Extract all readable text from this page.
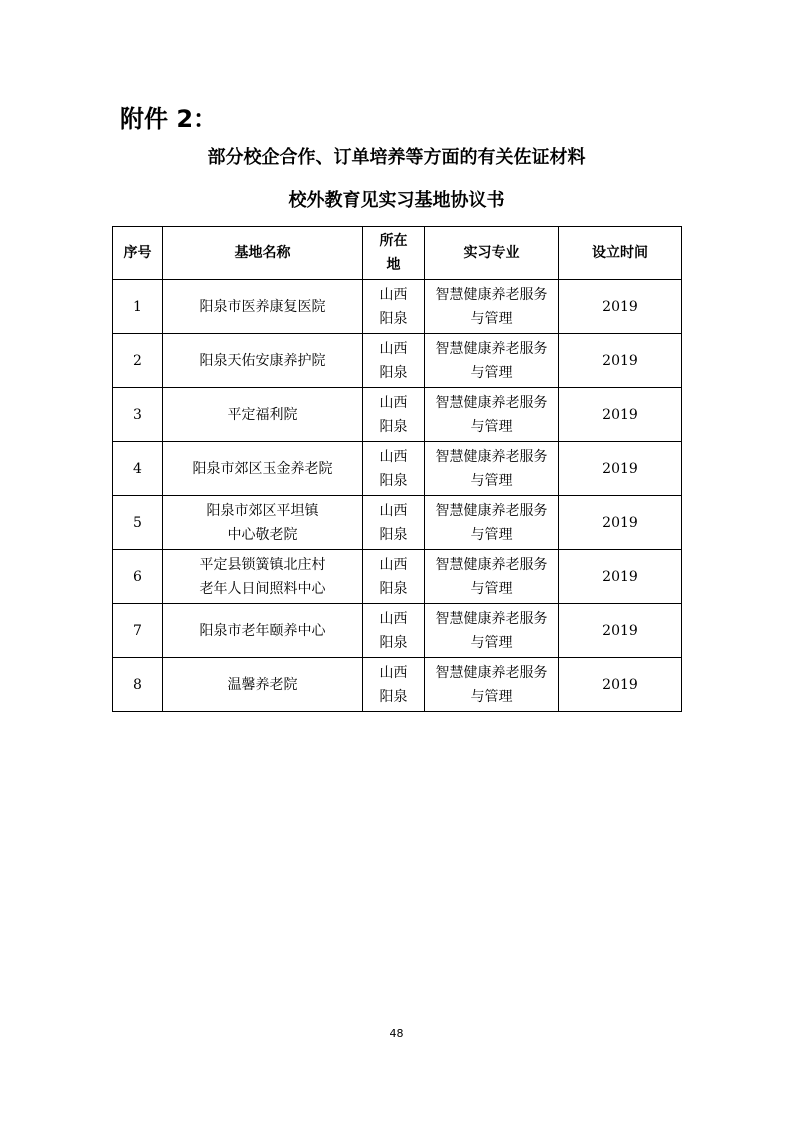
附件 2：
部分校企合作、订单培养等方面的有关佐证材料
校外教育见实习基地协议书
序号	基地名称	所在地	实习专业	设立时间
1	阳泉市医养康复医院	山西阳泉	智慧健康养老服务与管理	2019
2	阳泉天佑安康养护院	山西阳泉	智慧健康养老服务与管理	2019
3	平定福利院	山西阳泉	智慧健康养老服务与管理	2019
4	阳泉市郊区玉金养老院	山西阳泉	智慧健康养老服务与管理	2019
5	阳泉市郊区平坦镇
中心敬老院	山西阳泉	智慧健康养老服务与管理	2019
6	平定县锁簧镇北庄村
老年人日间照料中心	山西阳泉	智慧健康养老服务与管理	2019
7	阳泉市老年颐养中心	山西阳泉	智慧健康养老服务与管理	2019
8	温馨养老院	山西阳泉	智慧健康养老服务与管理	2019
48
